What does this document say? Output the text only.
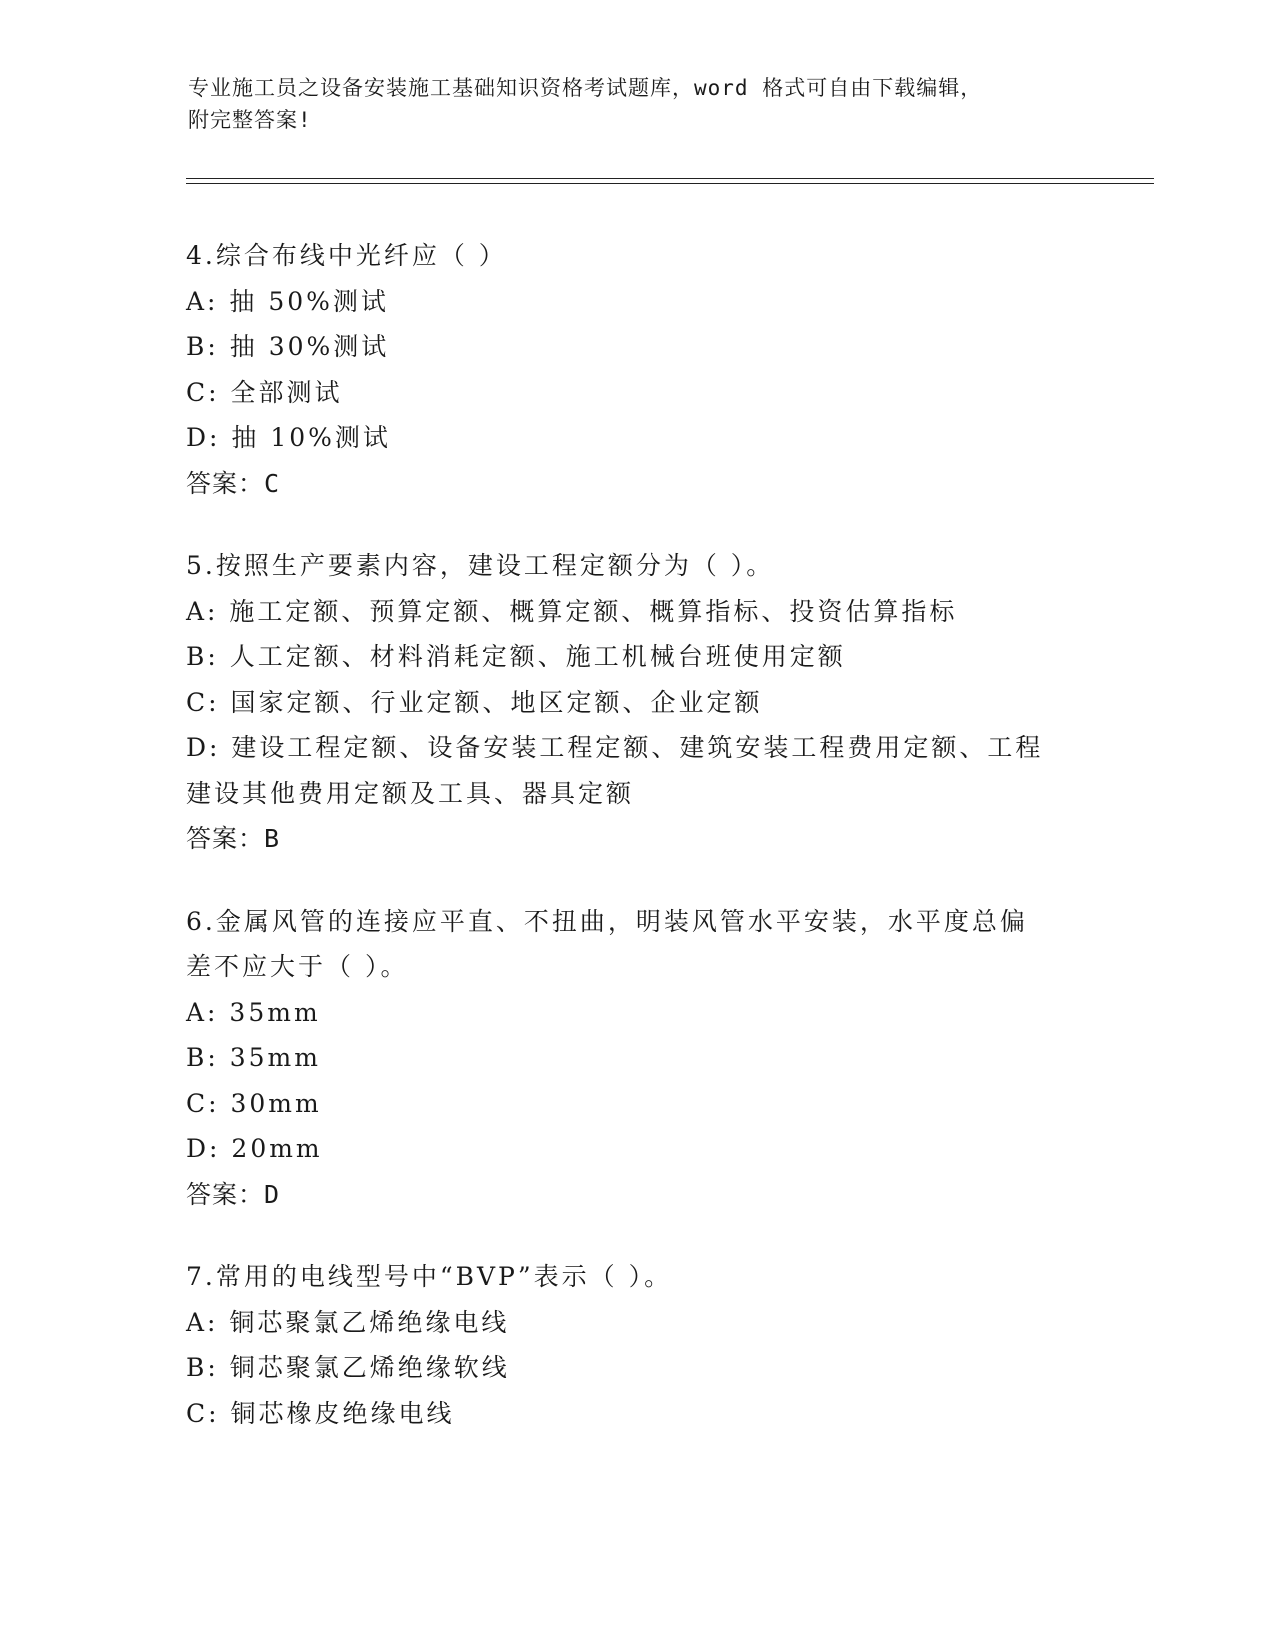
专业施工员之设备安装施工基础知识资格考试题库，word 格式可自由下载编辑，
附完整答案!
4.综合布线中光纤应（ ）
A: 抽 50%测试
B: 抽 30%测试
C: 全部测试
D: 抽 10%测试
答案：C
5.按照生产要素内容，建设工程定额分为（ ）。
A: 施工定额、预算定额、概算定额、概算指标、投资估算指标
B: 人工定额、材料消耗定额、施工机械台班使用定额
C: 国家定额、行业定额、地区定额、企业定额
D: 建设工程定额、设备安装工程定额、建筑安装工程费用定额、工程
建设其他费用定额及工具、器具定额
答案：B
6.金属风管的连接应平直、不扭曲，明装风管水平安装，水平度总偏
差不应大于（ ）。
A: 35mm
B: 35mm
C: 30mm
D: 20mm
答案：D
7.常用的电线型号中“BVP”表示（ ）。
A: 铜芯聚氯乙烯绝缘电线
B: 铜芯聚氯乙烯绝缘软线
C: 铜芯橡皮绝缘电线
